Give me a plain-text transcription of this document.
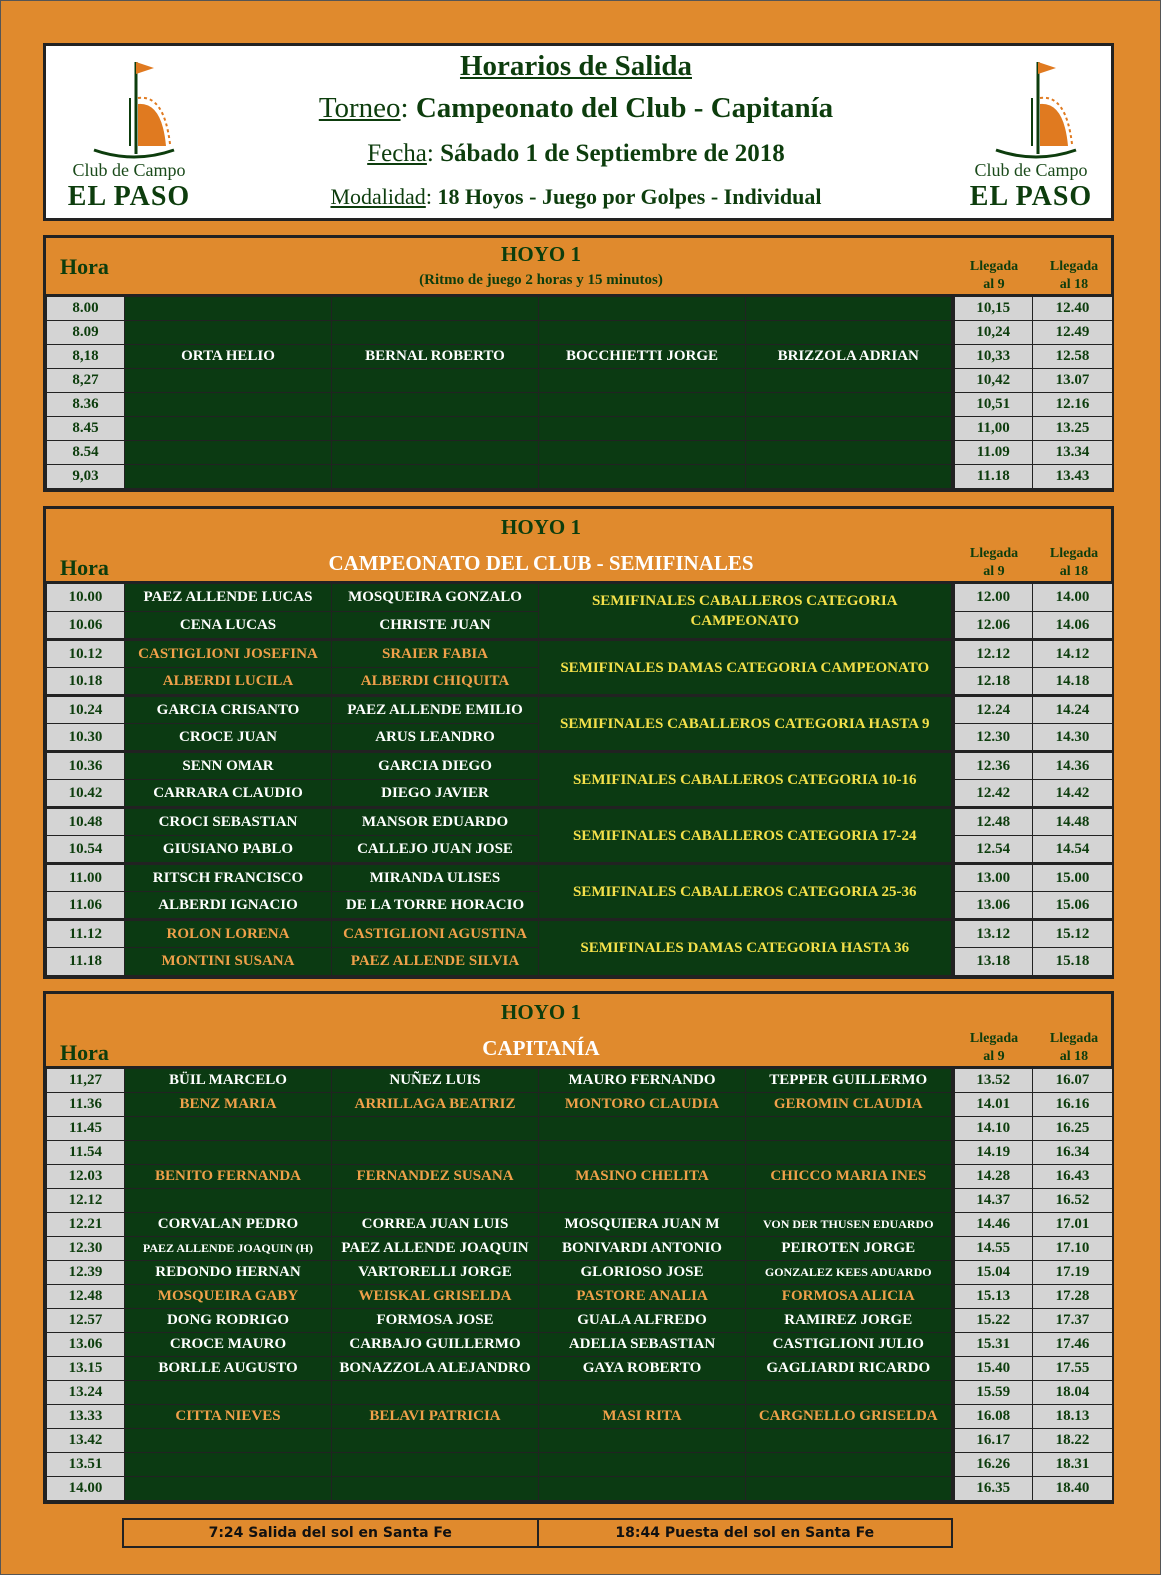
Club de Campo
EL PASO
Horarios de Salida
Torneo: Campeonato del Club - Capitanía
Fecha: Sábado 1 de Septiembre de 2018
Modalidad: 18 Hoyos - Juego por Golpes - Individual
Club de Campo
EL PASO
Hora	HOYO 1
(Ritmo de juego 2 horas y 15 minutos)
Llegada
al 9
Llegada
al 18
8.00					10,15	12.40
8.09					10,24	12.49
8,18	ORTA HELIO	BERNAL ROBERTO	BOCCHIETTI JORGE	BRIZZOLA ADRIAN	10,33	12.58
8,27					10,42	13.07
8.36					10,51	12.16
8.45					11,00	13.25
8.54					11.09	13.34
9,03					11.18	13.43
Hora
HOYO 1
CAMPEONATO DEL CLUB - SEMIFINALES	Llegada
al 9
Llegada
al 18
10.00	PAEZ ALLENDE LUCAS	MOSQUEIRA GONZALO	SEMIFINALES CABALLEROS CATEGORIA CAMPEONATO	12.00	14.00
10.06	CENA LUCAS	CHRISTE JUAN		12.06	14.06
10.12	CASTIGLIONI JOSEFINA	SRAIER FABIA	SEMIFINALES DAMAS CATEGORIA CAMPEONATO	12.12	14.12
10.18	ALBERDI LUCILA	ALBERDI CHIQUITA		12.18	14.18
10.24	GARCIA CRISANTO	PAEZ ALLENDE EMILIO	SEMIFINALES CABALLEROS CATEGORIA HASTA 9	12.24	14.24
10.30	CROCE JUAN	ARUS LEANDRO		12.30	14.30
10.36	SENN OMAR	GARCIA DIEGO	SEMIFINALES CABALLEROS CATEGORIA 10-16	12.36	14.36
10.42	CARRARA CLAUDIO	DIEGO JAVIER		12.42	14.42
10.48	CROCI SEBASTIAN	MANSOR EDUARDO	SEMIFINALES CABALLEROS CATEGORIA 17-24	12.48	14.48
10.54	GIUSIANO PABLO	CALLEJO JUAN JOSE		12.54	14.54
11.00	RITSCH FRANCISCO	MIRANDA ULISES	SEMIFINALES CABALLEROS CATEGORIA 25-36	13.00	15.00
11.06	ALBERDI IGNACIO	DE LA TORRE HORACIO		13.06	15.06
11.12	ROLON LORENA	CASTIGLIONI AGUSTINA	SEMIFINALES DAMAS CATEGORIA HASTA 36	13.12	15.12
11.18	MONTINI SUSANA	PAEZ ALLENDE SILVIA		13.18	15.18
Hora
HOYO 1
CAPITANÍA	Llegada
al 9
Llegada
al 18
11,27	BÜIL MARCELO	NUÑEZ LUIS	MAURO FERNANDO	TEPPER GUILLERMO	13.52	16.07
11.36	BENZ MARIA	ARRILLAGA BEATRIZ	MONTORO CLAUDIA	GEROMIN CLAUDIA	14.01	16.16
11.45					14.10	16.25
11.54					14.19	16.34
12.03	BENITO FERNANDA	FERNANDEZ SUSANA	MASINO CHELITA	CHICCO MARIA INES	14.28	16.43
12.12					14.37	16.52
12.21	CORVALAN PEDRO	CORREA JUAN LUIS	MOSQUIERA JUAN M	VON DER THUSEN EDUARDO	14.46	17.01
12.30	PAEZ ALLENDE JOAQUIN (H)	PAEZ ALLENDE JOAQUIN	BONIVARDI ANTONIO	PEIROTEN JORGE	14.55	17.10
12.39	REDONDO HERNAN	VARTORELLI JORGE	GLORIOSO JOSE	GONZALEZ KEES ADUARDO	15.04	17.19
12.48	MOSQUEIRA GABY	WEISKAL GRISELDA	PASTORE ANALIA	FORMOSA ALICIA	15.13	17.28
12.57	DONG RODRIGO	FORMOSA JOSE	GUALA ALFREDO	RAMIREZ JORGE	15.22	17.37
13.06	CROCE MAURO	CARBAJO GUILLERMO	ADELIA SEBASTIAN	CASTIGLIONI JULIO	15.31	17.46
13.15	BORLLE AUGUSTO	BONAZZOLA ALEJANDRO	GAYA ROBERTO	GAGLIARDI RICARDO	15.40	17.55
13.24					15.59	18.04
13.33	CITTA NIEVES	BELAVI PATRICIA	MASI RITA	CARGNELLO GRISELDA	16.08	18.13
13.42					16.17	18.22
13.51					16.26	18.31
14.00					16.35	18.40
7:24 Salida del sol en Santa Fe	18:44 Puesta del sol en Santa Fe
